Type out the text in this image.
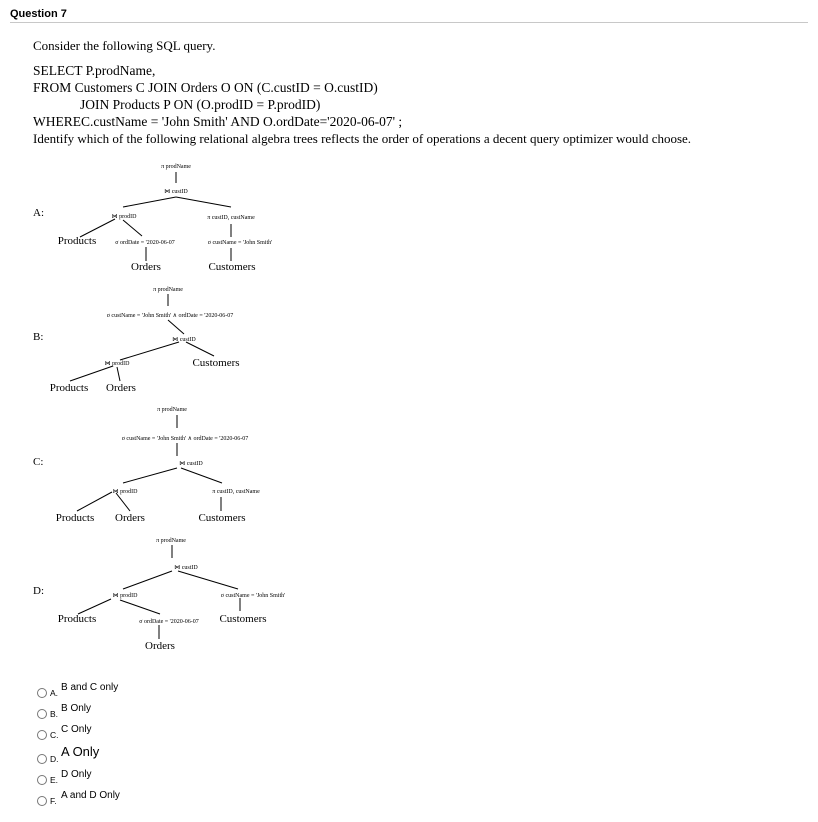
Question 7
Consider the following SQL query.
SELECT P.prodName,
FROM Customers C JOIN Orders O ON (C.custID = O.custID)
JOIN Products P ON (O.prodID = P.prodID)
WHEREC.custName = 'John Smith' AND O.ordDate='2020-06-07' ;
Identify which of the following relational algebra trees reflects the order of operations a decent query optimizer would choose.
A:
π prodName
⋈ custID
⋈ prodID
Products	σ ordDate = '2020-06-07
Orders
π custID, custName
σ custName = 'John Smith'
Customers
B:
π prodName
σ custName = 'John Smith' ∧ ordDate = '2020-06-07
⋈ custID
⋈ prodID	Customers
Products Orders
C:
π prodName
σ custName = 'John Smith' ∧ ordDate = '2020-06-07
⋈ custID
⋈ prodID	π custID, custName
Products Orders	Customers
D:
π prodName
⋈ custID
⋈ prodID	σ custName = 'John Smith'
Products	σ ordDate = '2020-06-07 Customers
Orders
A. B and C only
B. B Only
C. C Only
D. A Only
E. D Only
F. A and D Only
